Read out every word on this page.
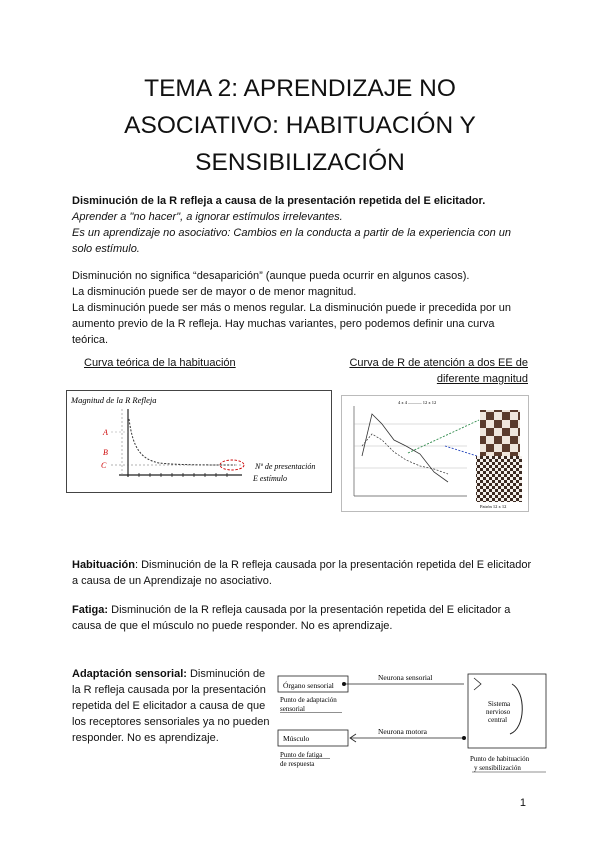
TEMA 2: APRENDIZAJE NO
ASOCIATIVO: HABITUACIÓN Y
SENSIBILIZACIÓN

Disminución de la R refleja a causa de la presentación repetida del E elicitador.
Aprender a "no hacer", a ignorar estímulos irrelevantes.
Es un aprendizaje no asociativo: Cambios en la conducta a partir de la experiencia con un solo estímulo.

Disminución no significa “desaparición” (aunque pueda ocurrir en algunos casos).
La disminución puede ser de mayor o de menor magnitud.
La disminución puede ser más o menos regular. La disminución puede ir precedida por un aumento previo de la R refleja. Hay muchas variantes, pero podemos definir una curva teórica.

Curva teórica de la habituación	Curva de R de atención a dos EE de
diferente magnitud

Magnitud de la R Refleja
A
B
C	Nº de presentación
E estímulo
4 x 4 ——— 12 x 12
Patrón 12 x 12

Habituación: Disminución de la R refleja causada por la presentación repetida del E elicitador a causa de un Aprendizaje no asociativo.

Fatiga: Disminución de la R refleja causada por la presentación repetida del E elicitador a causa de que el músculo no puede responder. No es aprendizaje.

Adaptación sensorial: Disminución de la R refleja causada por la presentación repetida del E elicitador a causa de que los receptores sensoriales ya no pueden responder. No es aprendizaje.

Órgano sensorial
Neurona sensorial
Punto de adaptación
sensorial
Músculo
Neurona motora
Punto de fatiga
de respuesta
Sistema
nervioso
central
Punto de habituación
y sensibilización
1
